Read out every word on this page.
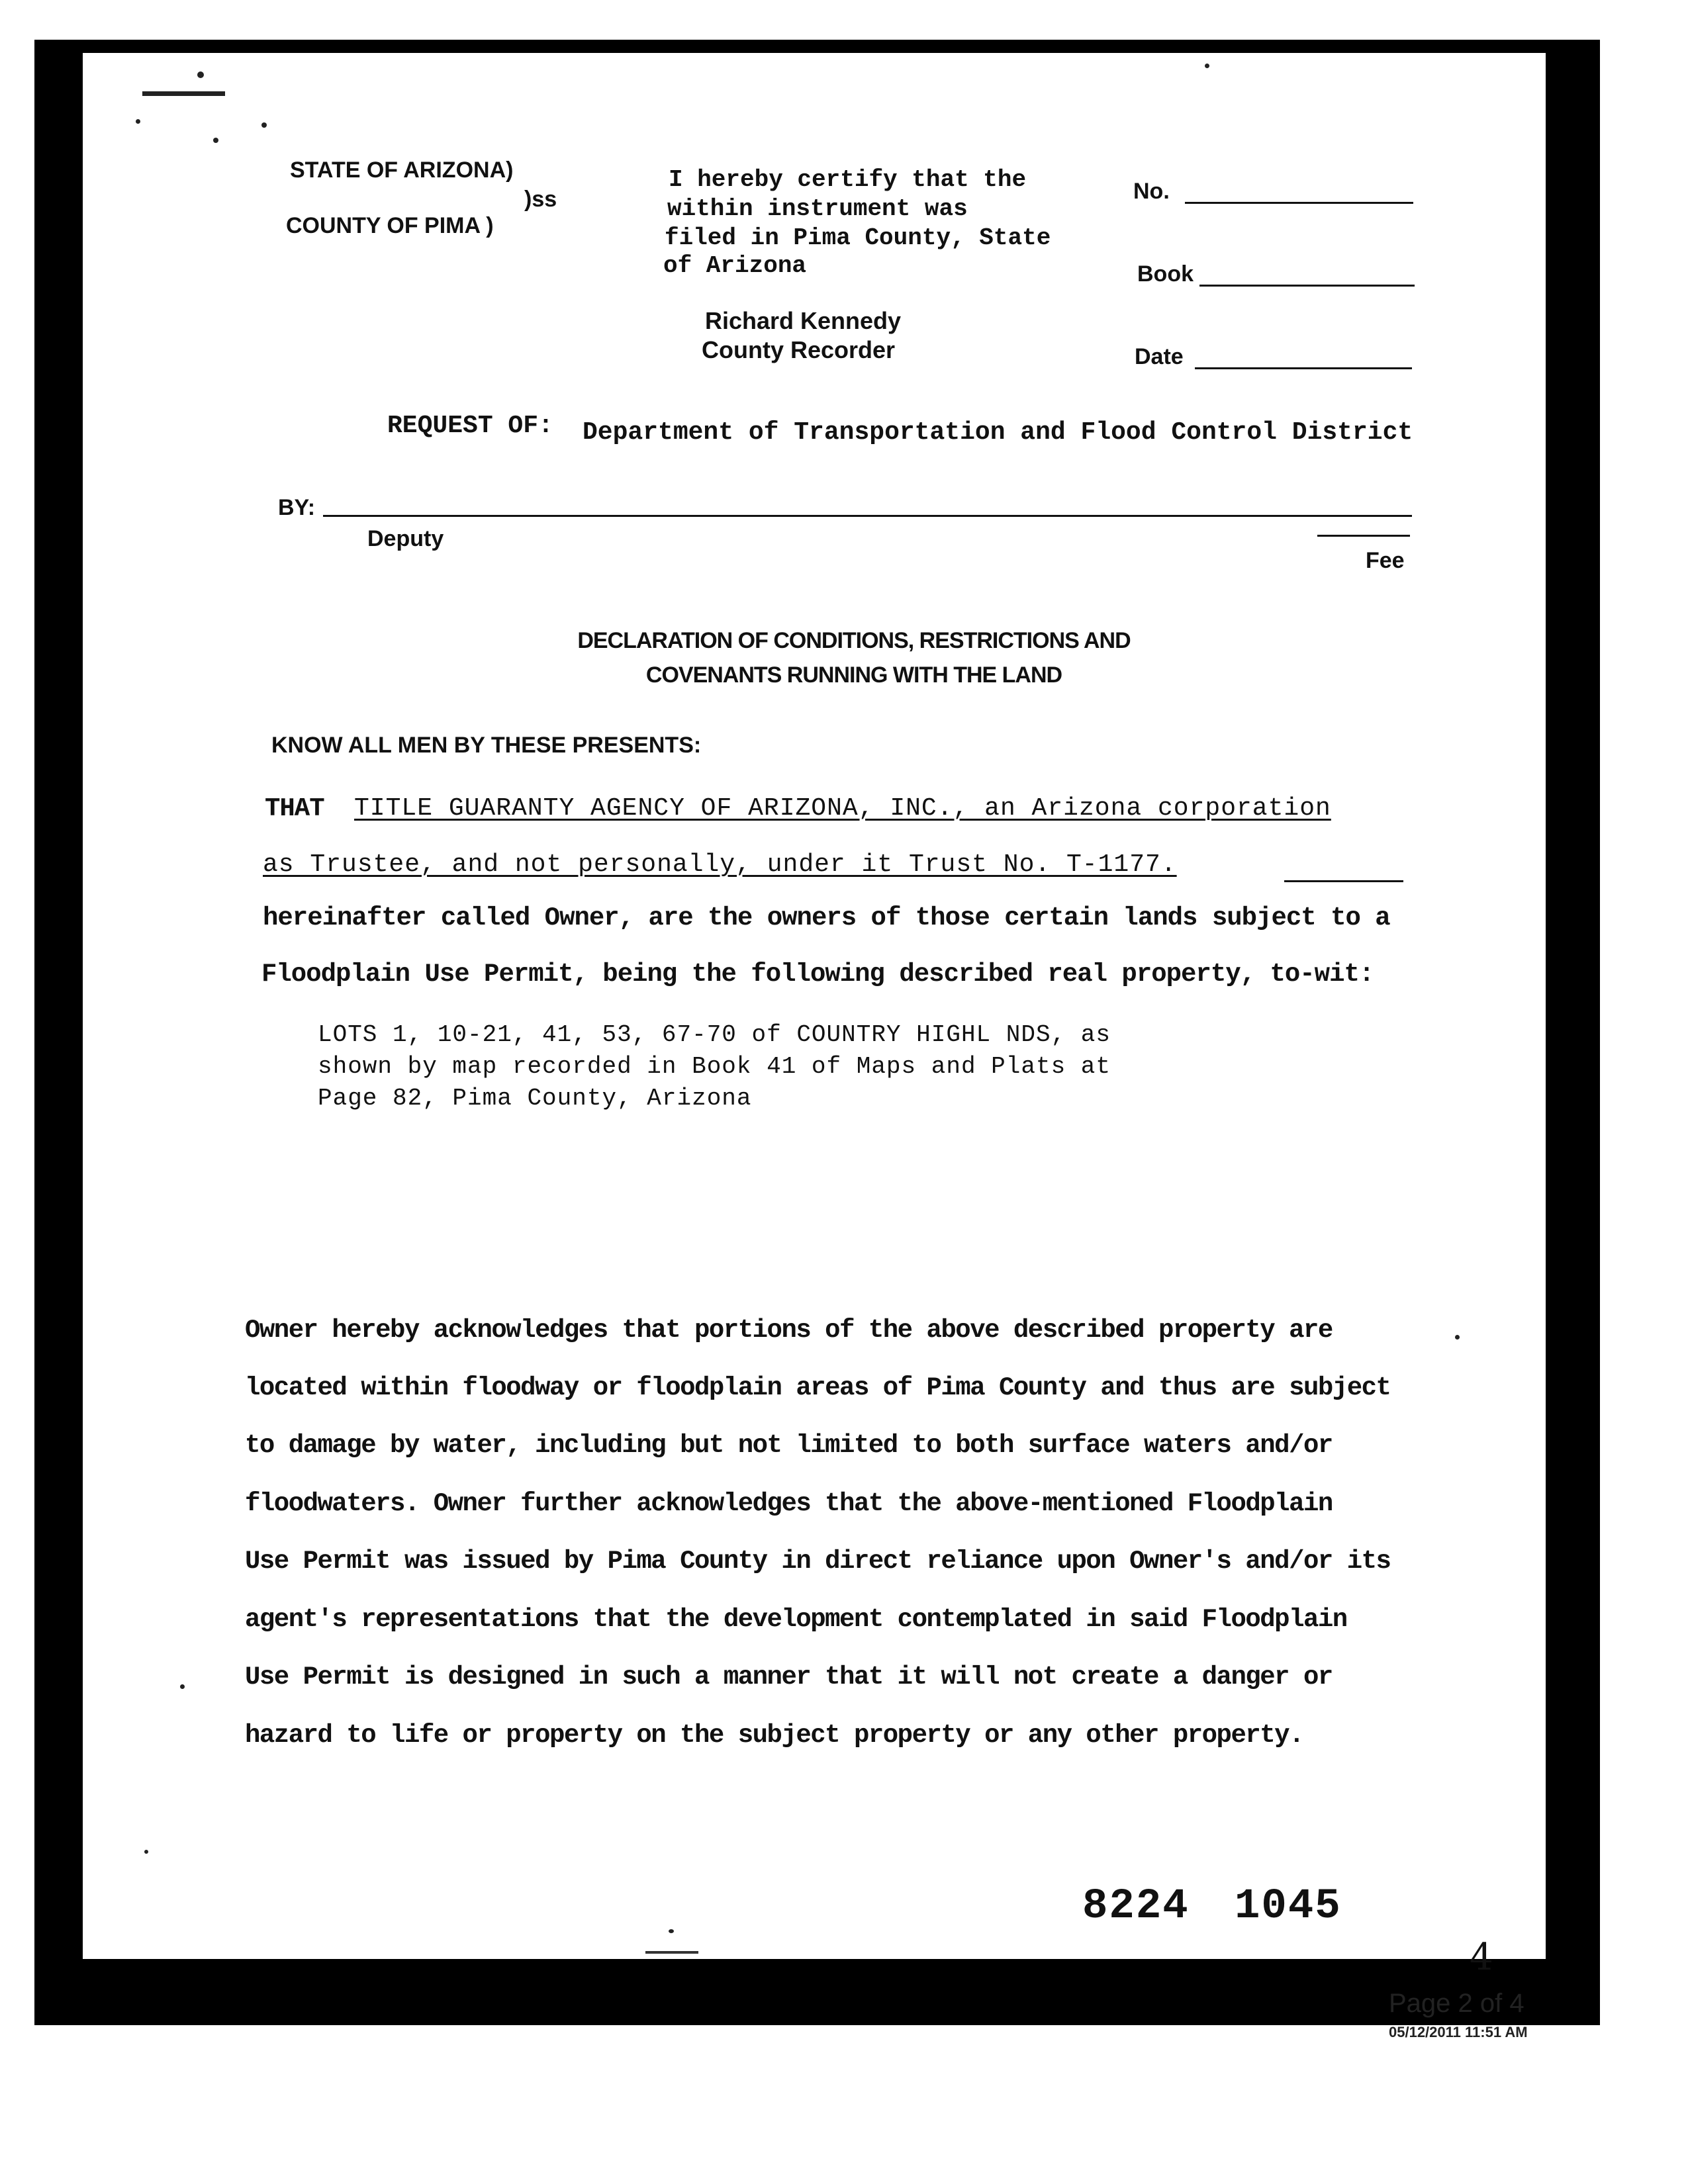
STATE OF ARIZONA)
)ss
COUNTY OF PIMA )
I hereby certify that the
within instrument was
filed in Pima County, State
of Arizona
Richard Kennedy
County Recorder
No.
Book
Date
REQUEST OF: Department of Transportation and Flood Control District
BY:
Deputy
Fee
DECLARATION OF CONDITIONS, RESTRICTIONS AND
COVENANTS RUNNING WITH THE LAND
KNOW ALL MEN BY THESE PRESENTS:
THAT TITLE GUARANTY AGENCY OF ARIZONA, INC., an Arizona corporation
as Trustee, and not personally, under it Trust No. T-1177.
hereinafter called Owner, are the owners of those certain lands subject to a
Floodplain Use Permit, being the following described real property, to-wit:
LOTS 1, 10-21, 41, 53, 67-70 of COUNTRY HIGHL NDS, as
shown by map recorded in Book 41 of Maps and Plats at
Page 82, Pima County, Arizona
Owner hereby acknowledges that portions of the above described property are
located within floodway or floodplain areas of Pima County and thus are subject
to damage by water, including but not limited to both surface waters and/or
floodwaters. Owner further acknowledges that the above-mentioned Floodplain
Use Permit was issued by Pima County in direct reliance upon Owner's and/or its
agent's representations that the development contemplated in said Floodplain
Use Permit is designed in such a manner that it will not create a danger or
hazard to life or property on the subject property or any other property.
8224 1045
4
Page 2 of 4
05/12/2011 11:51 AM
